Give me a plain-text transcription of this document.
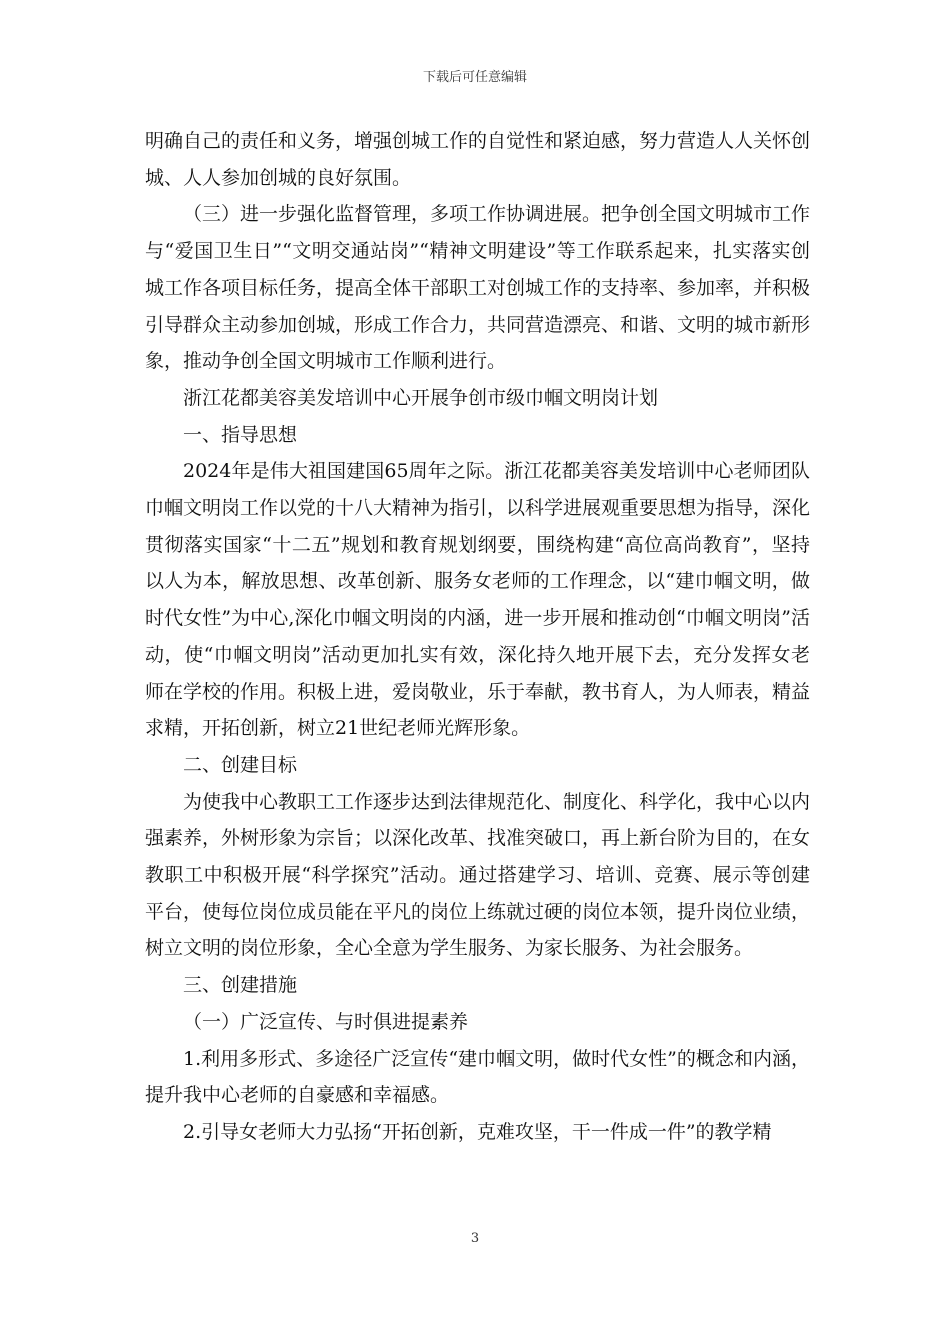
下载后可任意编辑

明确自己的责任和义务，增强创城工作的自觉性和紧迫感，努力营造人人关怀创城、人人参加创城的良好氛围。

（三）进一步强化监督管理，多项工作协调进展。把争创全国文明城市工作与“爱国卫生日”“文明交通站岗”“精神文明建设”等工作联系起来，扎实落实创城工作各项目标任务，提高全体干部职工对创城工作的支持率、参加率，并积极引导群众主动参加创城，形成工作合力，共同营造漂亮、和谐、文明的城市新形象，推动争创全国文明城市工作顺利进行。

浙江花都美容美发培训中心开展争创市级巾帼文明岗计划

一、指导思想

2024年是伟大祖国建国65周年之际。浙江花都美容美发培训中心老师团队巾帼文明岗工作以党的十八大精神为指引，以科学进展观重要思想为指导，深化贯彻落实国家“十二五”规划和教育规划纲要，围绕构建“高位高尚教育”，坚持以人为本，解放思想、改革创新、服务女老师的工作理念，以“建巾帼文明，做时代女性”为中心,深化巾帼文明岗的内涵，进一步开展和推动创“巾帼文明岗”活动，使“巾帼文明岗”活动更加扎实有效，深化持久地开展下去，充分发挥女老师在学校的作用。积极上进，爱岗敬业，乐于奉献，教书育人，为人师表，精益求精，开拓创新，树立21世纪老师光辉形象。

二、创建目标

为使我中心教职工工作逐步达到法律规范化、制度化、科学化，我中心以内强素养，外树形象为宗旨；以深化改革、找准突破口，再上新台阶为目的，在女教职工中积极开展“科学探究”活动。通过搭建学习、培训、竞赛、展示等创建平台，使每位岗位成员能在平凡的岗位上练就过硬的岗位本领，提升岗位业绩，树立文明的岗位形象，全心全意为学生服务、为家长服务、为社会服务。

三、创建措施

（一）广泛宣传、与时俱进提素养

1.利用多形式、多途径广泛宣传“建巾帼文明，做时代女性”的概念和内涵，提升我中心老师的自豪感和幸福感。

2.引导女老师大力弘扬“开拓创新，克难攻坚，干一件成一件”的教学精

3
